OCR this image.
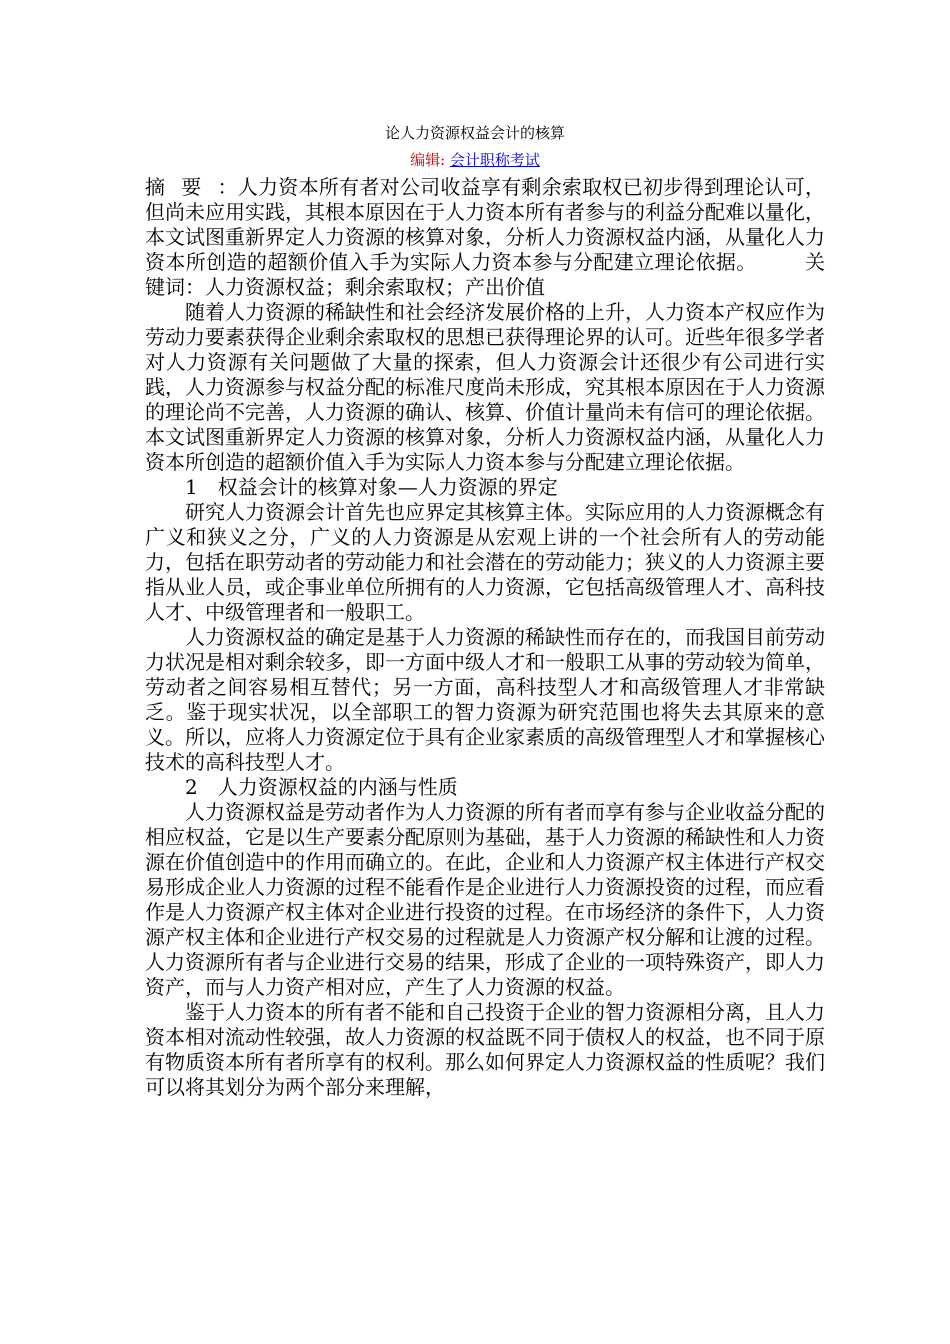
论人力资源权益会计的核算
编辑: 会计职称考试

摘要：人力资本所有者对公司收益享有剩余索取权已初步得到理论认可，但尚未应用实践，其根本原因在于人力资本所有者参与的利益分配难以量化，本文试图重新界定人力资源的核算对象，分析人力资源权益内涵，从量化人力资本所创造的超额价值入手为实际人力资本参与分配建立理论依据。 关键词：人力资源权益；剩余索取权；产出价值

随着人力资源的稀缺性和社会经济发展价格的上升，人力资本产权应作为劳动力要素获得企业剩余索取权的思想已获得理论界的认可。近些年很多学者对人力资源有关问题做了大量的探索，但人力资源会计还很少有公司进行实践，人力资源参与权益分配的标准尺度尚未形成，究其根本原因在于人力资源的理论尚不完善，人力资源的确认、核算、价值计量尚未有信可的理论依据。本文试图重新界定人力资源的核算对象，分析人力资源权益内涵，从量化人力资本所创造的超额价值入手为实际人力资本参与分配建立理论依据。

1　权益会计的核算对象—人力资源的界定

研究人力资源会计首先也应界定其核算主体。实际应用的人力资源概念有广义和狭义之分，广义的人力资源是从宏观上讲的一个社会所有人的劳动能力，包括在职劳动者的劳动能力和社会潜在的劳动能力；狭义的人力资源主要指从业人员，或企事业单位所拥有的人力资源，它包括高级管理人才、高科技人才、中级管理者和一般职工。

人力资源权益的确定是基于人力资源的稀缺性而存在的，而我国目前劳动力状况是相对剩余较多，即一方面中级人才和一般职工从事的劳动较为简单，劳动者之间容易相互替代；另一方面，高科技型人才和高级管理人才非常缺乏。鉴于现实状况，以全部职工的智力资源为研究范围也将失去其原来的意义。所以，应将人力资源定位于具有企业家素质的高级管理型人才和掌握核心技术的高科技型人才。

2　人力资源权益的内涵与性质

人力资源权益是劳动者作为人力资源的所有者而享有参与企业收益分配的相应权益，它是以生产要素分配原则为基础，基于人力资源的稀缺性和人力资源在价值创造中的作用而确立的。在此，企业和人力资源产权主体进行产权交易形成企业人力资源的过程不能看作是企业进行人力资源投资的过程，而应看作是人力资源产权主体对企业进行投资的过程。在市场经济的条件下，人力资源产权主体和企业进行产权交易的过程就是人力资源产权分解和让渡的过程。人力资源所有者与企业进行交易的结果，形成了企业的一项特殊资产，即人力资产，而与人力资产相对应，产生了人力资源的权益。

鉴于人力资本的所有者不能和自己投资于企业的智力资源相分离，且人力资本相对流动性较强，故人力资源的权益既不同于债权人的权益，也不同于原有物质资本所有者所享有的权利。那么如何界定人力资源权益的性质呢？我们可以将其划分为两个部分来理解，
